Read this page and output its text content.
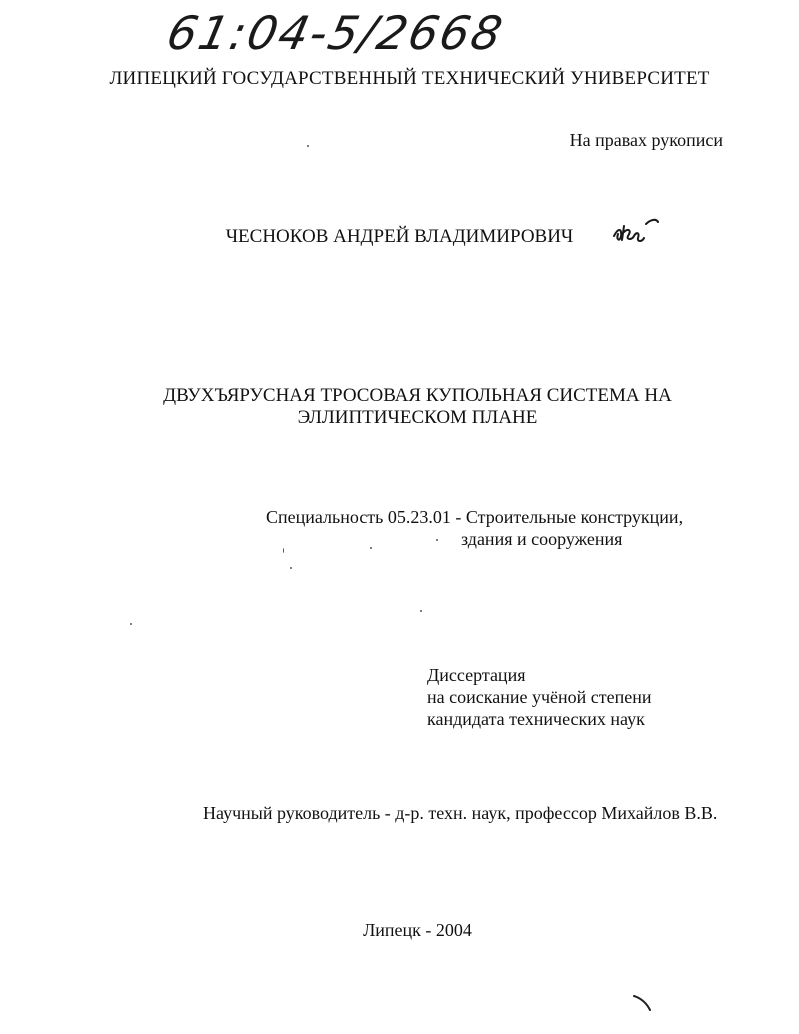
61:04-5/2668
ЛИПЕЦКИЙ ГОСУДАРСТВЕННЫЙ ТЕХНИЧЕСКИЙ УНИВЕРСИТЕТ
На правах рукописи
ЧЕСНОКОВ АНДРЕЙ ВЛАДИМИРОВИЧ
ДВУХЪЯРУСНАЯ ТРОСОВАЯ КУПОЛЬНАЯ СИСТЕМА НА
ЭЛЛИПТИЧЕСКОМ ПЛАНЕ
Специальность 05.23.01 - Строительные конструкции,
здания и сооружения
Диссертация
на соискание учёной степени
кандидата технических наук
Научный руководитель - д-р. техн. наук, профессор Михайлов В.В.
Липецк - 2004
